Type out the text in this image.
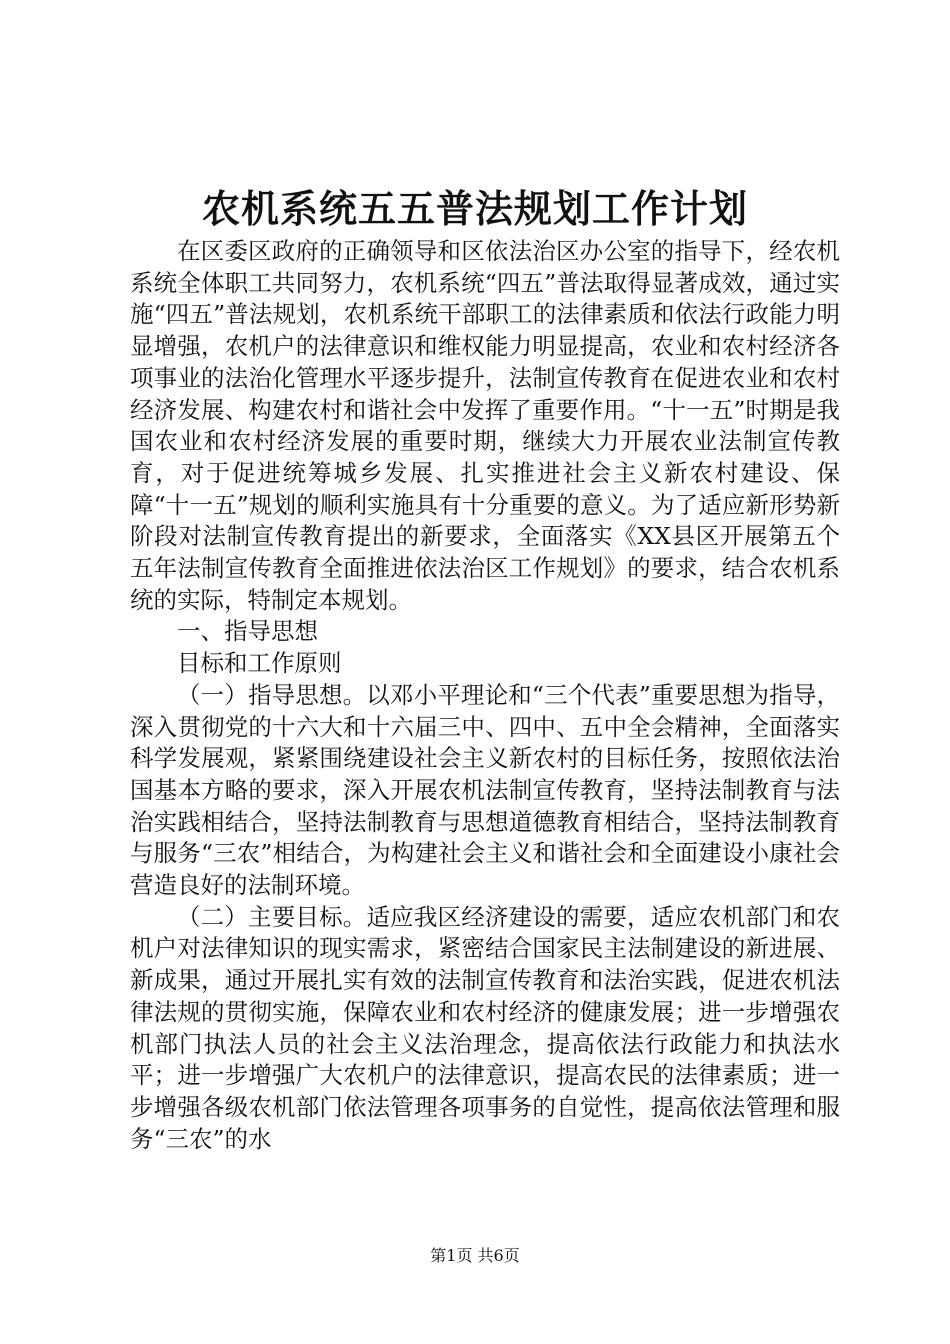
农机系统五五普法规划工作计划

在区委区政府的正确领导和区依法治区办公室的指导下，经农机系统全体职工共同努力，农机系统“四五”普法取得显著成效，通过实施“四五”普法规划，农机系统干部职工的法律素质和依法行政能力明显增强，农机户的法律意识和维权能力明显提高，农业和农村经济各项事业的法治化管理水平逐步提升，法制宣传教育在促进农业和农村经济发展、构建农村和谐社会中发挥了重要作用。“十一五”时期是我国农业和农村经济发展的重要时期，继续大力开展农业法制宣传教育，对于促进统筹城乡发展、扎实推进社会主义新农村建设、保障“十一五”规划的顺利实施具有十分重要的意义。为了适应新形势新阶段对法制宣传教育提出的新要求，全面落实《XX县区开展第五个五年法制宣传教育全面推进依法治区工作规划》的要求，结合农机系统的实际，特制定本规划。

一、指导思想

目标和工作原则

（一）指导思想。以邓小平理论和“三个代表”重要思想为指导，深入贯彻党的十六大和十六届三中、四中、五中全会精神，全面落实科学发展观，紧紧围绕建设社会主义新农村的目标任务，按照依法治国基本方略的要求，深入开展农机法制宣传教育，坚持法制教育与法治实践相结合，坚持法制教育与思想道德教育相结合，坚持法制教育与服务“三农”相结合，为构建社会主义和谐社会和全面建设小康社会营造良好的法制环境。

（二）主要目标。适应我区经济建设的需要，适应农机部门和农机户对法律知识的现实需求，紧密结合国家民主法制建设的新进展、新成果，通过开展扎实有效的法制宣传教育和法治实践，促进农机法律法规的贯彻实施，保障农业和农村经济的健康发展；进一步增强农机部门执法人员的社会主义法治理念，提高依法行政能力和执法水平；进一步增强广大农机户的法律意识，提高农民的法律素质；进一步增强各级农机部门依法管理各项事务的自觉性，提高依法管理和服务“三农”的水

第1页 共6页
